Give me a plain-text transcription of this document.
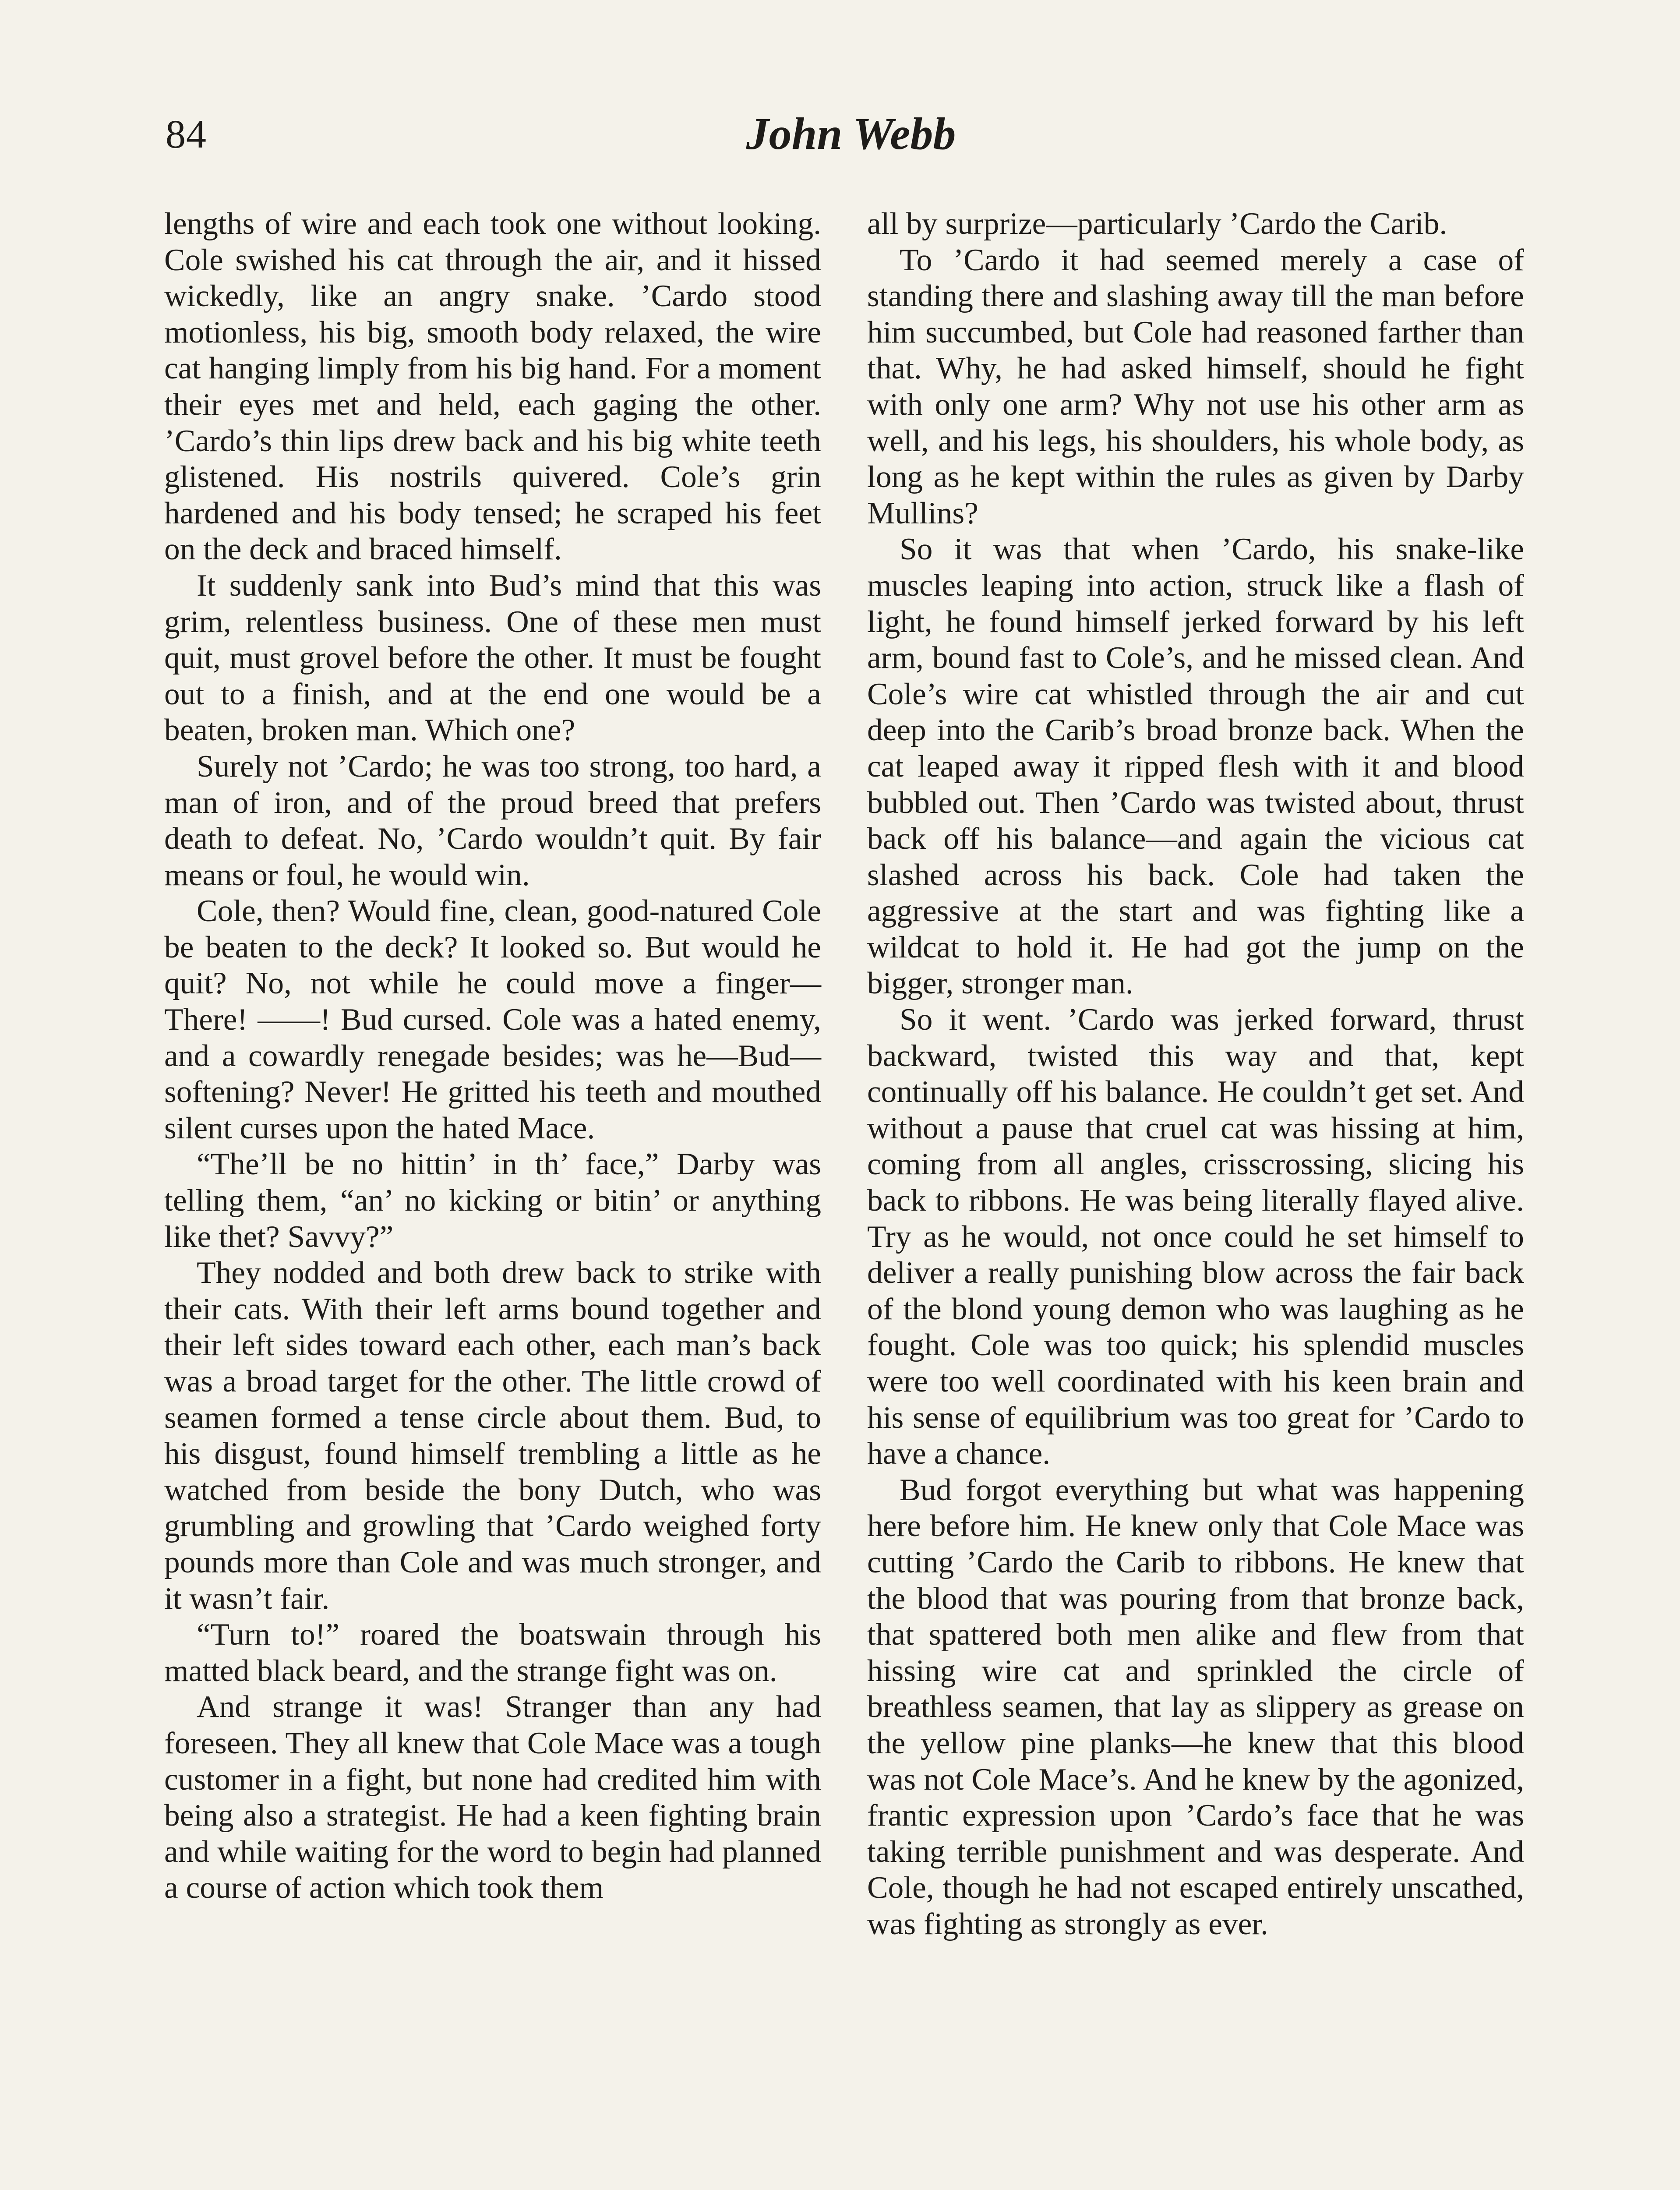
84	John Webb

lengths of wire and each took one without looking. Cole swished his cat through the air, and it hissed wickedly, like an angry snake. ’Cardo stood motionless, his big, smooth body relaxed, the wire cat hanging limply from his big hand. For a moment their eyes met and held, each gaging the other. ’Cardo’s thin lips drew back and his big white teeth glistened. His nostrils quivered. Cole’s grin hardened and his body tensed; he scraped his feet on the deck and braced himself.

It suddenly sank into Bud’s mind that this was grim, relentless business. One of these men must quit, must grovel before the other. It must be fought out to a finish, and at the end one would be a beaten, broken man. Which one?

Surely not ’Cardo; he was too strong, too hard, a man of iron, and of the proud breed that prefers death to defeat. No, ’Cardo wouldn’t quit. By fair means or foul, he would win.

Cole, then? Would fine, clean, good-natured Cole be beaten to the deck? It looked so. But would he quit? No, not while he could move a finger— There! ——! Bud cursed. Cole was a hated enemy, and a cowardly renegade besides; was he—Bud—softening? Never! He gritted his teeth and mouthed silent curses upon the hated Mace.

“The’ll be no hittin’ in th’ face,” Darby was telling them, “an’ no kicking or bitin’ or anything like thet? Savvy?”

They nodded and both drew back to strike with their cats. With their left arms bound together and their left sides toward each other, each man’s back was a broad target for the other. The little crowd of seamen formed a tense circle about them. Bud, to his disgust, found himself trembling a little as he watched from beside the bony Dutch, who was grumbling and growling that ’Cardo weighed forty pounds more than Cole and was much stronger, and it wasn’t fair.

“Turn to!” roared the boatswain through his matted black beard, and the strange fight was on.

And strange it was! Stranger than any had foreseen. They all knew that Cole Mace was a tough customer in a fight, but none had credited him with being also a strategist. He had a keen fighting brain and while waiting for the word to begin had planned a course of action which took them

all by surprize—particularly ’Cardo the Carib.

To ’Cardo it had seemed merely a case of standing there and slashing away till the man before him succumbed, but Cole had reasoned farther than that. Why, he had asked himself, should he fight with only one arm? Why not use his other arm as well, and his legs, his shoulders, his whole body, as long as he kept within the rules as given by Darby Mullins?

So it was that when ’Cardo, his snake-like muscles leaping into action, struck like a flash of light, he found himself jerked forward by his left arm, bound fast to Cole’s, and he missed clean. And Cole’s wire cat whistled through the air and cut deep into the Carib’s broad bronze back. When the cat leaped away it ripped flesh with it and blood bubbled out. Then ’Cardo was twisted about, thrust back off his balance—and again the vicious cat slashed across his back. Cole had taken the aggressive at the start and was fighting like a wildcat to hold it. He had got the jump on the bigger, stronger man.

So it went. ’Cardo was jerked forward, thrust backward, twisted this way and that, kept continually off his balance. He couldn’t get set. And without a pause that cruel cat was hissing at him, coming from all angles, crisscrossing, slicing his back to ribbons. He was being literally flayed alive. Try as he would, not once could he set himself to deliver a really punishing blow across the fair back of the blond young demon who was laughing as he fought. Cole was too quick; his splendid muscles were too well coordinated with his keen brain and his sense of equilibrium was too great for ’Cardo to have a chance.

Bud forgot everything but what was happening here before him. He knew only that Cole Mace was cutting ’Cardo the Carib to ribbons. He knew that the blood that was pouring from that bronze back, that spattered both men alike and flew from that hissing wire cat and sprinkled the circle of breathless seamen, that lay as slippery as grease on the yellow pine planks—he knew that this blood was not Cole Mace’s. And he knew by the agonized, frantic expression upon ’Cardo’s face that he was taking terrible punishment and was desperate. And Cole, though he had not escaped entirely unscathed, was fighting as strongly as ever.
